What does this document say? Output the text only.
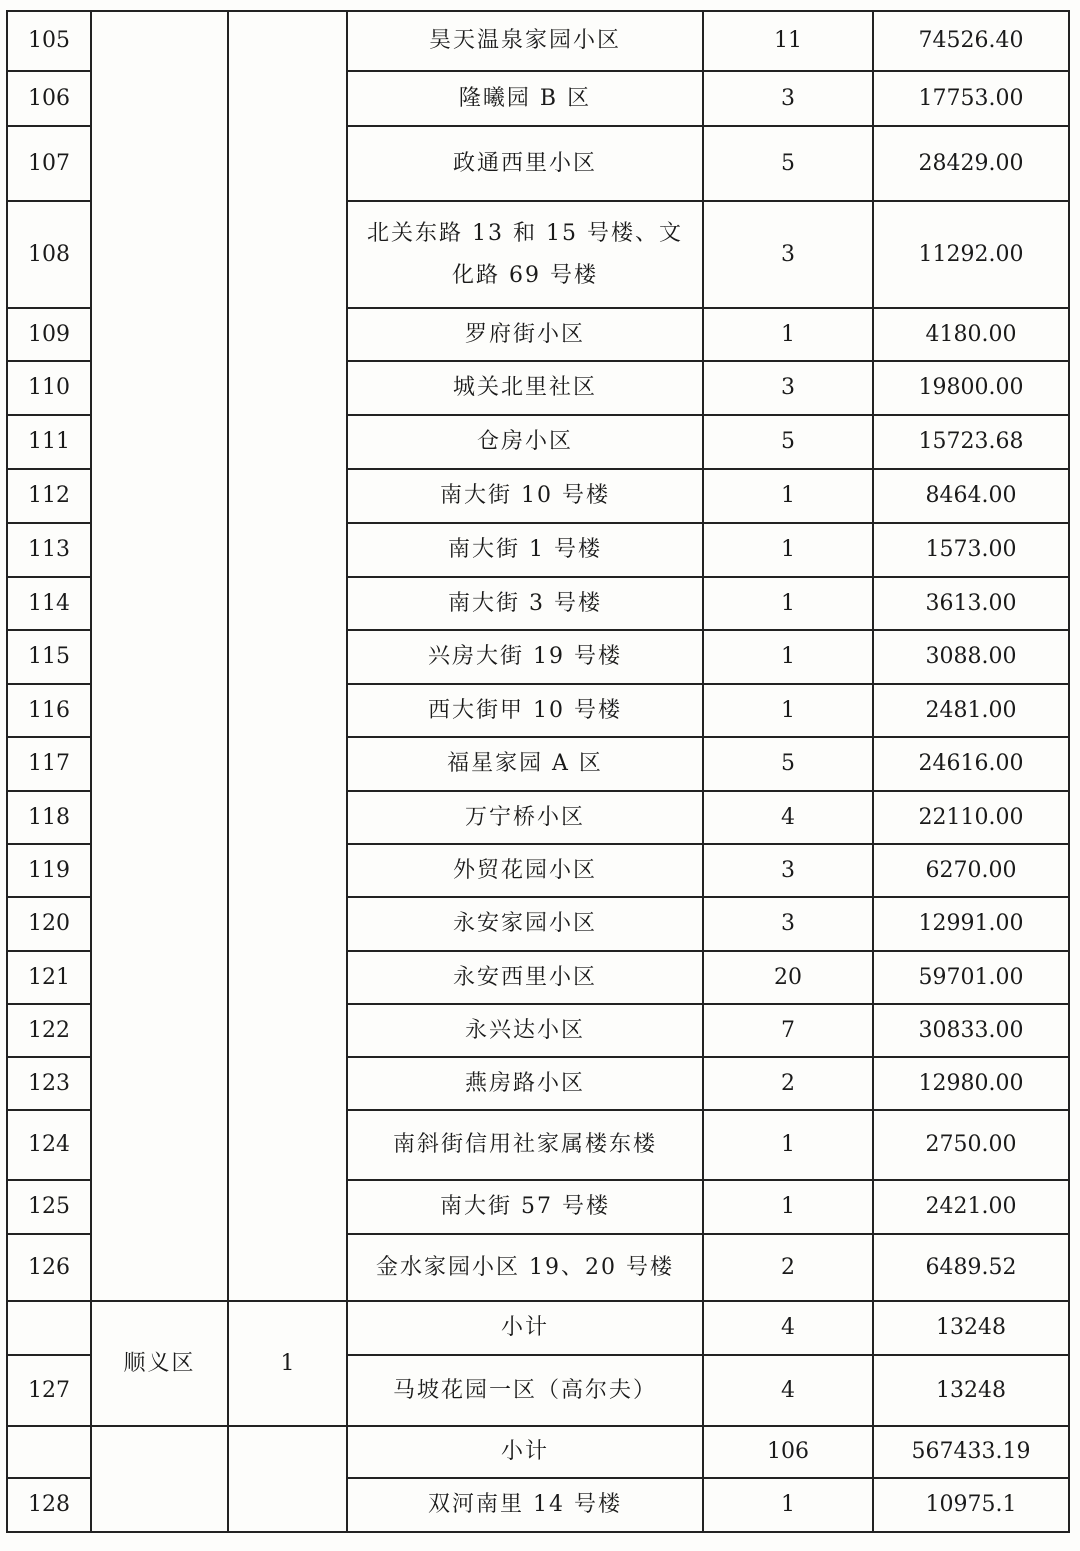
105			昊天温泉家园小区	11	74526.40
106			隆曦园 B 区	3	17753.00
107			政通西里小区	5	28429.00
108			北关东路 13 和 15 号楼、文化路 69 号楼	3	11292.00
109			罗府街小区	1	4180.00
110			城关北里社区	3	19800.00
111			仓房小区	5	15723.68
112			南大街 10 号楼	1	8464.00
113			南大街 1 号楼	1	1573.00
114			南大街 3 号楼	1	3613.00
115			兴房大街 19 号楼	1	3088.00
116			西大街甲 10 号楼	1	2481.00
117			福星家园 A 区	5	24616.00
118			万宁桥小区	4	22110.00
119			外贸花园小区	3	6270.00
120			永安家园小区	3	12991.00
121			永安西里小区	20	59701.00
122			永兴达小区	7	30833.00
123			燕房路小区	2	12980.00
124			南斜街信用社家属楼东楼	1	2750.00
125			南大街 57 号楼	1	2421.00
126			金水家园小区 19、20 号楼	2	6489.52
	顺义区	1	小计	4	13248
127			马坡花园一区（高尔夫）	4	13248
			小计	106	567433.19
128			双河南里 14 号楼	1	10975.1
